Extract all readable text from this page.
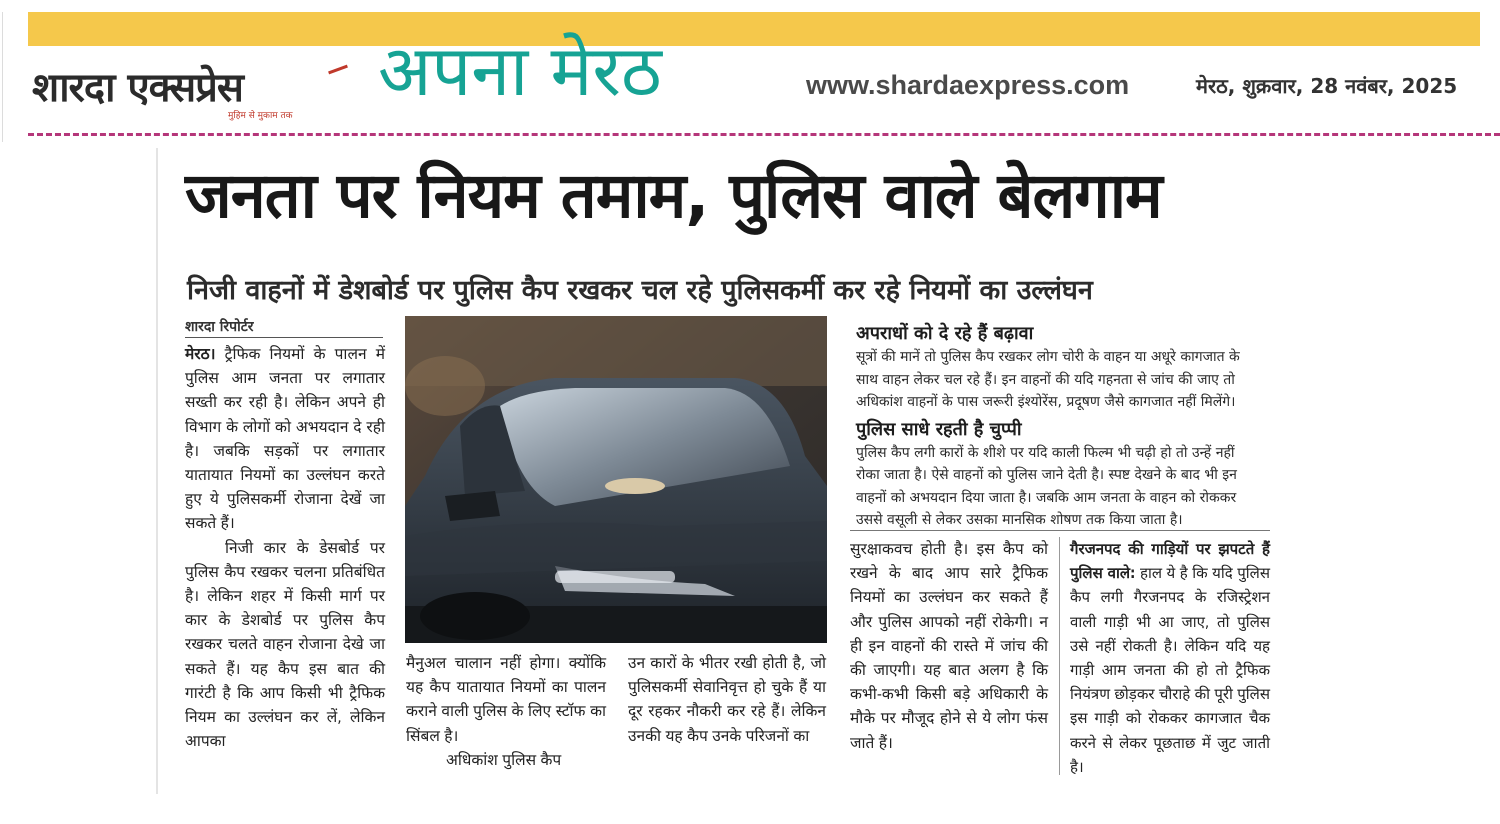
शारदा एक्सप्रेस
मुहिम से मुकाम तक
अपना मेरठ	www.shardaexpress.com	मेरठ, शुक्रवार, 28 नवंबर, 2025
जनता पर नियम तमाम, पुलिस वाले बेलगाम
निजी वाहनों में डेशबोर्ड पर पुलिस कैप रखकर चल रहे पुलिसकर्मी कर रहे नियमों का उल्लंघन
शारदा रिपोर्टर

मेरठ। ट्रैफिक नियमों के पालन में पुलिस आम जनता पर लगातार सख्ती कर रही है। लेकिन अपने ही विभाग के लोगों को अभयदान दे रही है। जबकि सड़कों पर लगातार यातायात नियमों का उल्लंघन करते हुए ये पुलिसकर्मी रोजाना देखें जा सकते हैं।

निजी कार के डेसबोर्ड पर पुलिस कैप रखकर चलना प्रतिबंधित है। लेकिन शहर में किसी मार्ग पर कार के डेशबोर्ड पर पुलिस कैप रखकर चलते वाहन रोजाना देखे जा सकते हैं। यह कैप इस बात की गारंटी है कि आप किसी भी ट्रैफिक नियम का उल्लंघन कर लें, लेकिन आपका

मैनुअल चालान नहीं होगा। क्योंकि यह कैप यातायात नियमों का पालन कराने वाली पुलिस के लिए स्टॉफ का सिंबल है।

अधिकांश पुलिस कैप

उन कारों के भीतर रखी होती है, जो पुलिसकर्मी सेवानिवृत्त हो चुके हैं या दूर रहकर नौकरी कर रहे हैं। लेकिन उनकी यह कैप उनके परिजनों का

अपराधों को दे रहे हैं बढ़ावा

सूत्रों की मानें तो पुलिस कैप रखकर लोग चोरी के वाहन या अधूरे कागजात के साथ वाहन लेकर चल रहे हैं। इन वाहनों की यदि गहनता से जांच की जाए तो अधिकांश वाहनों के पास जरूरी इंश्योरेंस, प्रदूषण जैसे कागजात नहीं मिलेंगे।

पुलिस साधे रहती है चुप्पी

पुलिस कैप लगी कारों के शीशे पर यदि काली फिल्म भी चढ़ी हो तो उन्हें नहीं रोका जाता है। ऐसे वाहनों को पुलिस जाने देती है। स्पष्ट देखने के बाद भी इन वाहनों को अभयदान दिया जाता है। जबकि आम जनता के वाहन को रोककर उससे वसूली से लेकर उसका मानसिक शोषण तक किया जाता है।

सुरक्षाकवच होती है। इस कैप को रखने के बाद आप सारे ट्रैफिक नियमों का उल्लंघन कर सकते हैं और पुलिस आपको नहीं रोकेगी। न ही इन वाहनों की रास्ते में जांच की की जाएगी। यह बात अलग है कि कभी-कभी किसी बड़े अधिकारी के मौके पर मौजूद होने से ये लोग फंस जाते हैं।

गैरजनपद की गाड़ियों पर झपटते हैं पुलिस वाले: हाल ये है कि यदि पुलिस कैप लगी गैरजनपद के रजिस्ट्रेशन वाली गाड़ी भी आ जाए, तो पुलिस उसे नहीं रोकती है। लेकिन यदि यह गाड़ी आम जनता की हो तो ट्रैफिक नियंत्रण छोड़कर चौराहे की पूरी पुलिस इस गाड़ी को रोककर कागजात चैक करने से लेकर पूछताछ में जुट जाती है।
